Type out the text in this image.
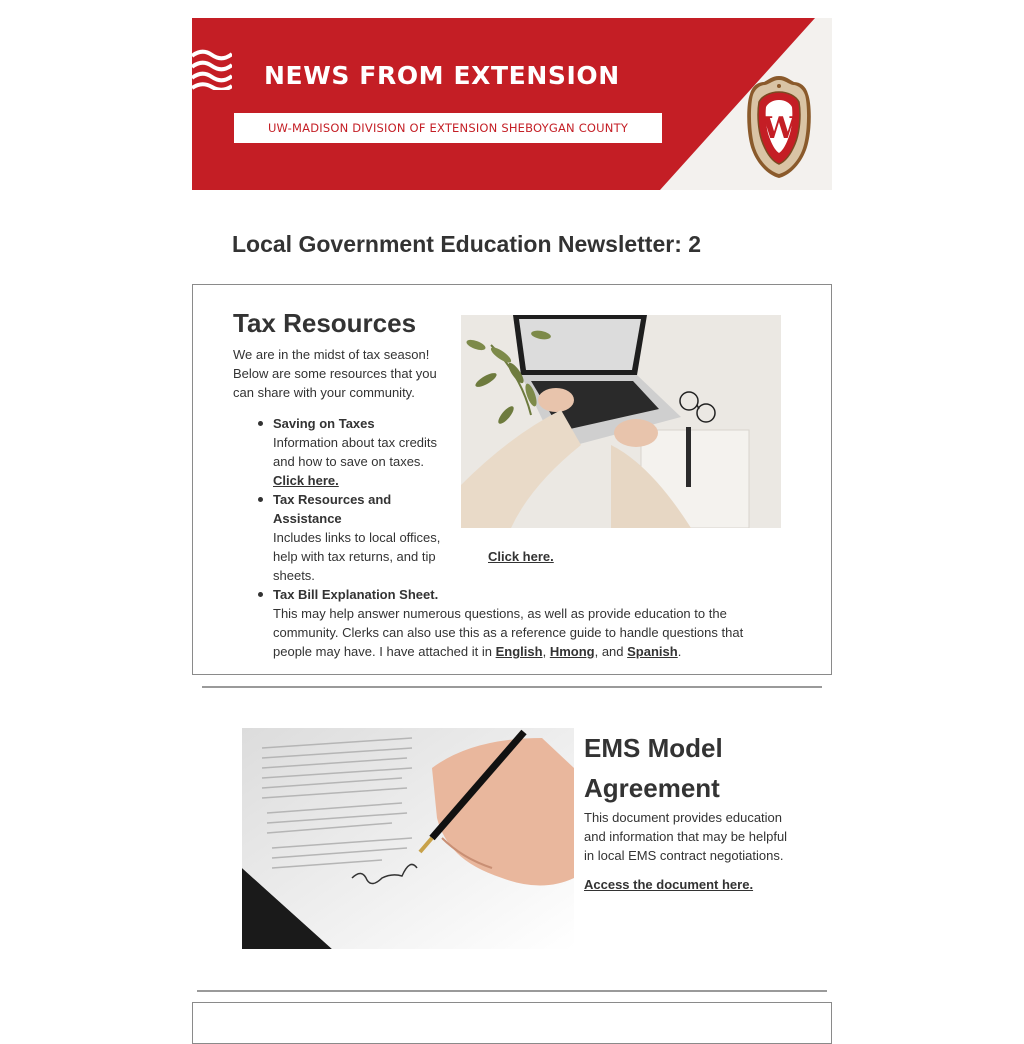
NEWS FROM EXTENSION
UW-MADISON DIVISION OF EXTENSION SHEBOYGAN COUNTY	W
Local Government Education Newsletter: 2
Tax Resources
We are in the midst of tax season! Below are some resources that you can share with your community.
Saving on Taxes
Information about tax credits and how to save on taxes.
Click here.
Tax Resources and Assistance
Includes links to local offices, help with tax returns, and tip sheets.
Click here.
Tax Bill Explanation Sheet.
This may help answer numerous questions, as well as provide education to the community. Clerks can also use this as a reference guide to handle questions that people may have. I have attached it in English, Hmong, and Spanish.
EMS Model Agreement
This document provides education and information that may be helpful in local EMS contract negotiations.
Access the document here.
